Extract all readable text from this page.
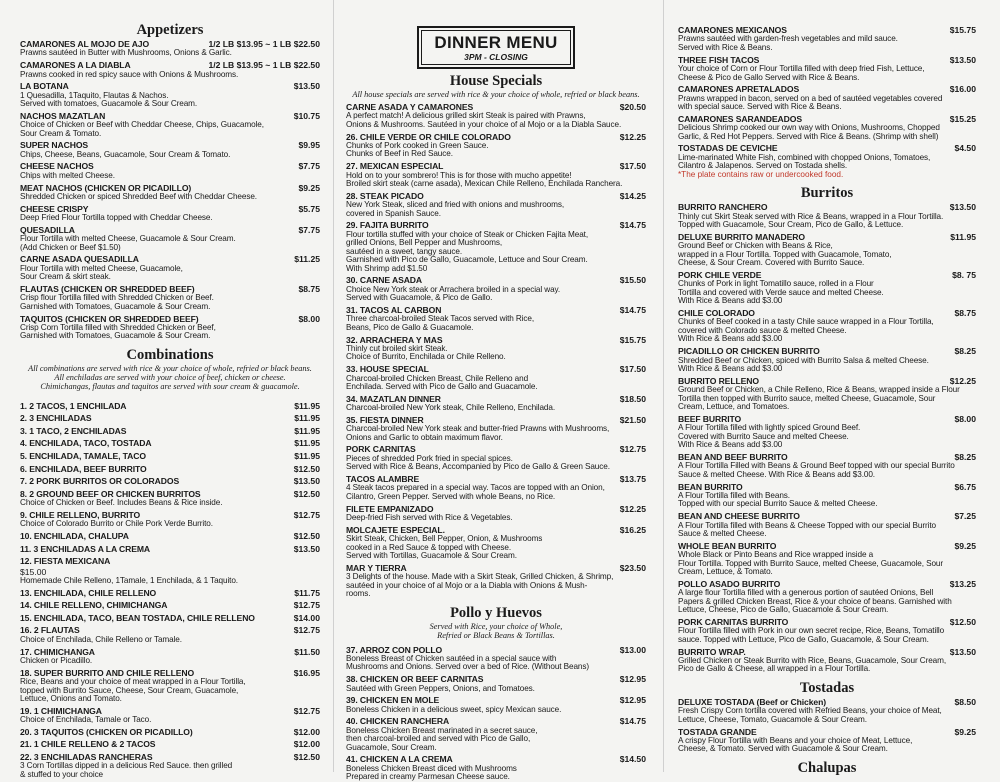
Appetizers
CAMARONES AL MOJO DE AJO	1/2 LB $13.95 ~ 1 LB $22.50
Prawns sautéed in Butter with Mushrooms, Onions & Garlic.
CAMARONES A LA DIABLA	1/2 LB $13.95 ~ 1 LB $22.50
Prawns cooked in red spicy sauce with Onions & Mushrooms.
LA BOTANA	$13.50
1 Quesadilla, 1Taquito, Flautas & Nachos.
Served with tomatoes, Guacamole & Sour Cream.
NACHOS MAZATLAN	$10.75
Choice of Chicken or Beef with Cheddar Cheese, Chips, Guacamole,
Sour Cream & Tomato.
SUPER NACHOS	$9.95
Chips, Cheese, Beans, Guacamole, Sour Cream & Tomato.
CHEESE NACHOS	$7.75
Chips with melted Cheese.
MEAT NACHOS (CHICKEN OR PICADILLO)	$9.25
Shredded Chicken or spiced Shredded Beef with Cheddar Cheese.
CHEESE CRISPY	$5.75
Deep Fried Flour Tortilla topped with Cheddar Cheese.
QUESADILLA	$7.75
Flour Tortilla with melted Cheese, Guacamole & Sour Cream.
(Add Chicken or Beef $1.50)
CARNE ASADA QUESADILLA	$11.25
Flour Tortilla with melted Cheese, Guacamole,
Sour Cream & skirt steak.
FLAUTAS (CHICKEN OR SHREDDED BEEF)	$8.75
Crisp flour Tortilla filled with Shredded Chicken or Beef.
Garnished with Tomatoes, Guacamole & Sour Cream.
TAQUITOS (CHICKEN OR SHREDDED BEEF)	$8.00
Crisp Corn Tortilla filled with Shredded Chicken or Beef,
Garnished with Tomatoes, Guacamole & Sour Cream.
Combinations
All combinations are served with rice & your choice of whole, refried or black beans.
All enchiladas are served with your choice of beef, chicken or cheese.
Chimichangas, flautas and taquitos are served with sour cream & guacamole.
1. 2 TACOS, 1 ENCHILADA	$11.95
2. 3 ENCHILADAS	$11.95
3. 1 TACO, 2 ENCHILADAS	$11.95
4. ENCHILADA, TACO, TOSTADA	$11.95
5. ENCHILADA, TAMALE, TACO	$11.95
6. ENCHILADA, BEEF BURRITO	$12.50
7. 2 PORK BURRITOS OR COLORADOS	$13.50
8. 2 GROUND BEEF OR CHICKEN BURRITOS	$12.50
Choice of Chicken or Beef. Includes Beans & Rice inside.
9. CHILE RELLENO, BURRITO	$12.75
Choice of Colorado Burrito or Chile Pork Verde Burrito.
10. ENCHILADA, CHALUPA	$12.50
11. 3 ENCHILADAS A LA CREMA	$13.50
12. FIESTA MEXICANA
$15.00
Homemade Chile Relleno, 1Tamale, 1 Enchilada, & 1 Taquito.
13. ENCHILADA, CHILE RELLENO	$11.75
14. CHILE RELLENO, CHIMICHANGA	$12.75
15. ENCHILADA, TACO, BEAN TOSTADA, CHILE RELLENO	$14.00
16. 2 FLAUTAS	$12.75
Choice of Enchilada, Chile Relleno or Tamale.
17. CHIMICHANGA	$11.50
Chicken or Picadillo.
18. SUPER BURRITO AND CHILE RELLENO	$16.95
Rice, Beans and your choice of meat wrapped in a Flour Tortilla,
topped with Burrito Sauce, Cheese, Sour Cream, Guacamole,
Lettuce, Onions and Tomato.
19. 1 CHIMICHANGA	$12.75
Choice of Enchilada, Tamale or Taco.
20. 3 TAQUITOS (CHICKEN OR PICADILLO)	$12.00
21. 1 CHILE RELLENO & 2 TACOS	$12.00
22. 3 ENCHILADAS RANCHERAS	$12.50
3 Corn Tortillas dipped in a delicious Red Sauce. then grilled
& stuffed to your choice
DINNER MENU
3PM - CLOSING
House Specials
All house specials are served with rice & your choice of whole, refried or black beans.
CARNE ASADA Y CAMARONES	$20.50
A perfect match! A delicious grilled skirt Steak is paired with Prawns,
Onions & Mushrooms. Sautéed in your choice of al Mojo or a la Diabla Sauce.
26. CHILE VERDE OR CHILE COLORADO	$12.25
Chunks of Pork cooked in Green Sauce.
Chunks of Beef in Red Sauce.
27. MEXICAN ESPECIAL	$17.50
Hold on to your sombrero! This is for those with mucho appetite!
Broiled skirt steak (carne asada), Mexican Chile Relleno, Enchilada Ranchera.
28. STEAK PICADO	$14.25
New York Steak, sliced and fried with onions and mushrooms,
covered in Spanish Sauce.
29. FAJITA BURRITO	$14.75
Flour tortilla stuffed with your choice of Steak or Chicken Fajita Meat,
grilled Onions, Bell Pepper and Mushrooms,
sautéed in a sweet, tangy sauce.
Garnished with Pico de Gallo, Guacamole, Lettuce and Sour Cream.
With Shrimp add $1.50
30. CARNE ASADA	$15.50
Choice New York steak or Arrachera broiled in a special way.
Served with Guacamole, & Pico de Gallo.
31. TACOS AL CARBON	$14.75
Three charcoal-broiled Steak Tacos served with Rice,
Beans, Pico de Gallo & Guacamole.
32. ARRACHERA Y MAS	$15.75
Thinly cut broiled skirt Steak.
Choice of Burrito, Enchilada or Chile Relleno.
33. HOUSE SPECIAL	$17.50
Charcoal-broiled Chicken Breast, Chile Relleno and
Enchilada. Served with Pico de Gallo and Guacamole.
34. MAZATLAN DINNER	$18.50
Charcoal-broiled New York steak, Chile Relleno, Enchilada.
35. FIESTA DINNER	$21.50
Charcoal-broiled New York steak and butter-fried Prawns with Mushrooms,
Onions and Garlic to obtain maximum flavor.
PORK CARNITAS	$12.75
Pieces of shredded Pork fried in special spices.
Served with Rice & Beans, Accompanied by Pico de Gallo & Green Sauce.
TACOS ALAMBRE	$13.75
4 Steak tacos prepared in a special way. Tacos are topped with an Onion,
Cilantro, Green Pepper. Served with whole Beans, no Rice.
FILETE EMPANIZADO	$12.25
Deep-fried Fish served with Rice & Vegetables.
MOLCAJETE ESPECIAL.	$16.25
Skirt Steak, Chicken, Bell Pepper, Onion, & Mushrooms
cooked in a Red Sauce & topped with Cheese.
Served with Tortillas, Guacamole & Sour Cream.
MAR Y TIERRA	$23.50
3 Delights of the house. Made with a Skirt Steak, Grilled Chicken, & Shrimp,
sautéed in your choice of al Mojo or a la Diabla with Onions & Mush-
rooms.
Pollo y Huevos
Served with Rice, your choice of Whole,
Refried or Black Beans & Tortillas.
37. ARROZ CON POLLO	$13.00
Boneless Breast of Chicken sautéed in a special sauce with
Mushrooms and Onions. Served over a bed of Rice. (Without Beans)
38. CHICKEN OR BEEF CARNITAS	$12.95
Sautéed with Green Peppers, Onions, and Tomatoes.
39. CHICKEN EN MOLE	$12.95
Boneless Chicken in a delicious sweet, spicy Mexican sauce.
40. CHICKEN RANCHERA	$14.75
Boneless Chicken Breast marinated in a secret sauce,
then charcoal-broiled and served with Pico de Gallo,
Guacamole, Sour Cream.
41. CHICKEN A LA CREMA	$14.50
Boneless Chicken Breast diced with Mushrooms
Prepared in creamy Parmesan Cheese sauce.
CAMARONES MEXICANOS	$15.75
Prawns sautéed with garden-fresh vegetables and mild sauce.
Served with Rice & Beans.
THREE FISH TACOS	$13.50
Your choice of Corn or Flour Tortilla filled with deep fried Fish, Lettuce,
Cheese & Pico de Gallo Served with Rice & Beans.
CAMARONES APRETALADOS	$16.00
Prawns wrapped in bacon, served on a bed of sautéed vegetables covered
with special sauce. Served with Rice & Beans.
CAMARONES SARANDEADOS	$15.25
Delicious Shrimp cooked our own way with Onions, Mushrooms, Chopped
Garlic, & Red Hot Peppers. Served with Rice & Beans. (Shrimp with shell)
TOSTADAS DE CEVICHE	$4.50
Lime-marinated White Fish, combined with chopped Onions, Tomatoes,
Cilantro & Jalapenos. Served on Tostada shells.
*The plate contains raw or undercooked food.
Burritos
BURRITO RANCHERO	$13.50
Thinly cut Skirt Steak served with Rice & Beans, wrapped in a Flour Tortilla.
Topped with Guacamole, Sour Cream, Pico de Gallo, & Lettuce.
DELUXE BURRITO MANADERO	$11.95
Ground Beef or Chicken with Beans & Rice,
wrapped in a Flour Tortilla. Topped with Guacamole, Tomato,
Cheese, & Sour Cream. Covered with Burrito Sauce.
PORK CHILE VERDE	$8. 75
Chunks of Pork in light Tomatillo sauce, rolled in a Flour
Tortilla and covered with Verde sauce and melted Cheese.
With Rice & Beans add $3.00
CHILE COLORADO	$8.75
Chunks of Beef cooked in a tasty Chile sauce wrapped in a Flour Tortilla,
covered with Colorado sauce & melted Cheese.
With Rice & Beans add $3.00
PICADILLO OR CHICKEN BURRITO	$8.25
Shredded Beef or Chicken, spiced with Burrito Salsa & melted Cheese.
With Rice & Beans add $3.00
BURRITO RELLENO	$12.25
Ground Beef or Chicken, a Chile Relleno, Rice & Beans, wrapped inside a Flour
Tortilla then topped with Burrito sauce, melted Cheese, Guacamole, Sour
Cream, Lettuce, and Tomatoes.
BEEF BURRITO	$8.00
A Flour Tortilla filled with lightly spiced Ground Beef.
Covered with Burrito Sauce and melted Cheese.
With Rice & Beans add $3.00
BEAN AND BEEF BURRITO	$8.25
A Flour Tortilla Filled with Beans & Ground Beef topped with our special Burrito
Sauce & melted Cheese. With Rice & Beans add $3.00.
BEAN BURRITO	$6.75
A Flour Tortilla filled with Beans.
Topped with our special Burrito Sauce & melted Cheese.
BEAN AND CHEESE BURRITO	$7.25
A Flour Tortilla filled with Beans & Cheese Topped with our special Burrito
Sauce & melted Cheese.
WHOLE BEAN BURRITO	$9.25
Whole Black or Pinto Beans and Rice wrapped inside a
Flour Tortilla. Topped with Burrito Sauce, melted Cheese, Guacamole, Sour
Cream, Lettuce, & Tomato.
POLLO ASADO BURRITO	$13.25
A large flour Tortilla filled with a generous portion of sautéed Onions, Bell
Papers & grilled Chicken Breast, Rice & your choice of beans. Garnished with
Lettuce, Cheese, Pico de Gallo, Guacamole & Sour Cream.
PORK CARNITAS BURRITO	$12.50
Flour Tortilla filled with Pork in our own secret recipe, Rice, Beans, Tomatillo
sauce. Topped with Lettuce, Pico de Gallo, Guacamole, & Sour Cream.
BURRITO WRAP.	$13.50
Grilled Chicken or Steak Burrito with Rice, Beans, Guacamole, Sour Cream,
Pico de Gallo & Cheese, all wrapped in a Flour Tortilla.
Tostadas
DELUXE TOSTADA (Beef or Chicken)	$8.50
Fresh Crispy Corn tortilla covered with Refried Beans, your choice of Meat,
Lettuce, Cheese, Tomato, Guacamole & Sour Cream.
TOSTADA GRANDE	$9.25
A crispy Flour Tortilla with Beans and your choice of Meat, Lettuce,
Cheese, & Tomato. Served with Guacamole & Sour Cream.
Chalupas
